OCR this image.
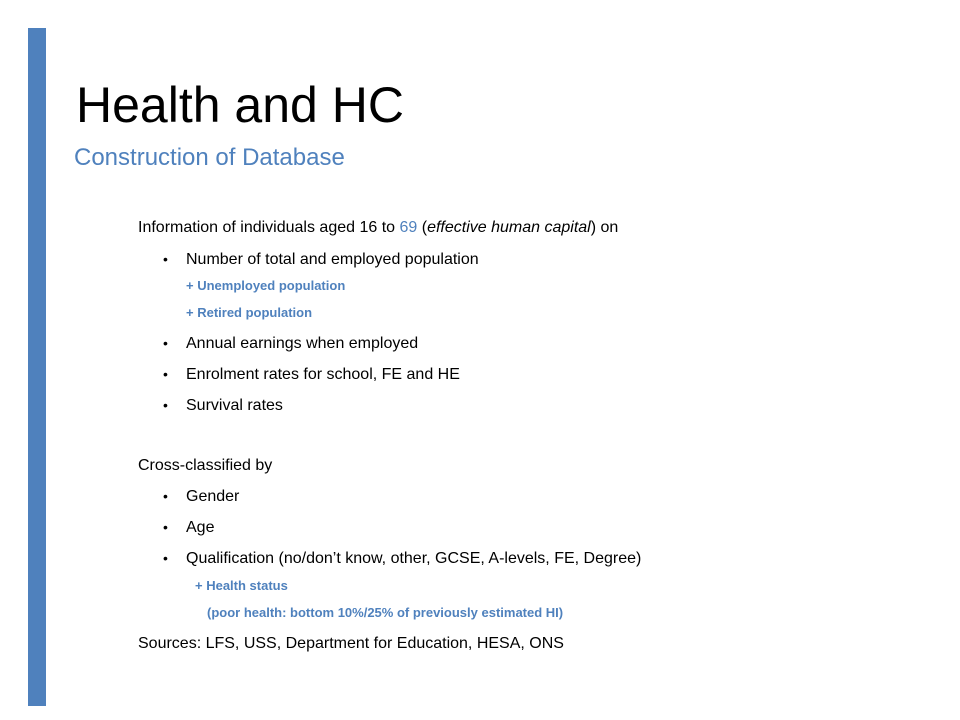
Health and HC
Construction of Database
Information of individuals aged 16 to 69 (effective human capital) on
• Number of total and employed population
+ Unemployed population
+ Retired population
• Annual earnings when employed
• Enrolment rates for school, FE and HE
• Survival rates
Cross-classified by
• Gender
• Age
• Qualification (no/don’t know, other, GCSE, A-levels, FE, Degree)
+ Health status
(poor health: bottom 10%/25% of previously estimated HI)
Sources: LFS, USS, Department for Education, HESA, ONS
